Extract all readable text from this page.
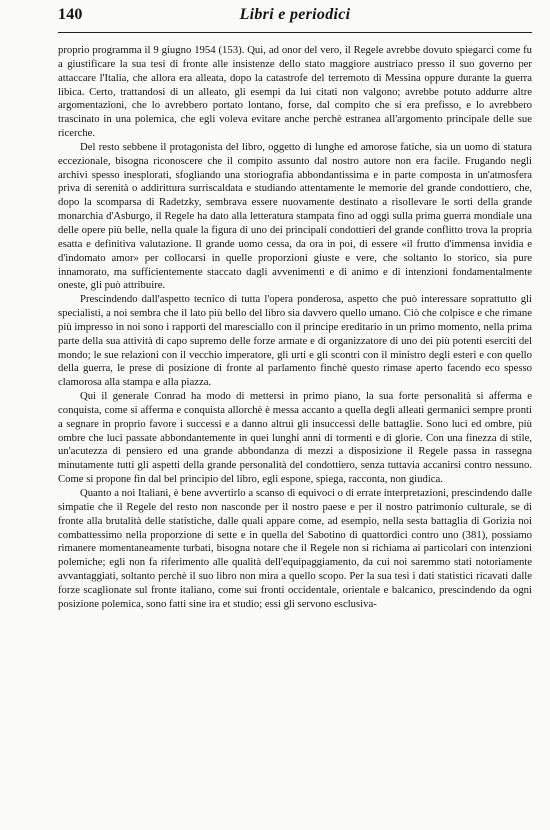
140	Libri e periodici

proprio programma il 9 giugno 1954 (153). Qui, ad onor del vero, il Regele avrebbe dovuto spiegarci come fu a giustificare la sua tesi di fronte alle insistenze dello stato maggiore austriaco presso il suo governo per attaccare l'Italia, che allora era alleata, dopo la catastrofe del terremoto di Messina oppure durante la guerra libica. Certo, trattandosi di un alleato, gli esempi da lui citati non valgono; avrebbe potuto addurre altre argomentazioni, che lo avrebbero portato lontano, forse, dal compito che si era prefisso, e lo avrebbero trascinato in una polemica, che egli voleva evitare anche perchè estranea all'argomento principale delle sue ricerche.

Del resto sebbene il protagonista del libro, oggetto di lunghe ed amorose fatiche, sia un uomo di statura eccezionale, bisogna riconoscere che il compito assunto dal nostro autore non era facile. Frugando negli archivi spesso inesplorati, sfogliando una storiografia abbondantissima e in parte composta in un'atmosfera priva di serenità o addirittura surriscaldata e studiando attentamente le memorie del grande condottiero, che, dopo la scomparsa di Radetzky, sembrava essere nuovamente destinato a risollevare le sorti della grande monarchia d'Asburgo, il Regele ha dato alla letteratura stampata fino ad oggi sulla prima guerra mondiale una delle opere più belle, nella quale la figura di uno dei principali condottieri del grande conflitto trova la propria esatta e definitiva valutazione. Il grande uomo cessa, da ora in poi, di essere «il frutto d'immensa invidia e d'indomato amor» per collocarsi in quelle proporzioni giuste e vere, che soltanto lo storico, sia pure innamorato, ma sufficientemente staccato dagli avvenimenti e di animo e di intenzioni fondamentalmente oneste, gli può attribuire.

Prescindendo dall'aspetto tecnico di tutta l'opera ponderosa, aspetto che può interessare soprattutto gli specialisti, a noi sembra che il lato più bello del libro sia davvero quello umano. Ciò che colpisce e che rimane più impresso in noi sono i rapporti del maresciallo con il principe ereditario in un primo momento, nella prima parte della sua attività di capo supremo delle forze armate e di organizzatore di uno dei più potenti eserciti del mondo; le sue relazioni con il vecchio imperatore, gli urti e gli scontri con il ministro degli esteri e con quello della guerra, le prese di posizione di fronte al parlamento finchè questo rimase aperto facendo eco spesso clamorosa alla stampa e alla piazza.

Qui il generale Conrad ha modo di mettersi in primo piano, la sua forte personalità si afferma e conquista, come si afferma e conquista allorchè è messa accanto a quella degli alleati germanici sempre pronti a segnare in proprio favore i successi e a danno altrui gli insuccessi delle battaglie. Sono luci ed ombre, più ombre che luci passate abbondantemente in quei lunghi anni di tormenti e di glorie. Con una finezza di stile, un'acutezza di pensiero ed una grande abbondanza di mezzi a disposizione il Regele passa in rassegna minutamente tutti gli aspetti della grande personalità del condottiero, senza tuttavia accanirsi contro nessuno. Come si propone fin dal bel principio del libro, egli espone, spiega, racconta, non giudica.

Quanto a noi Italiani, è bene avvertirlo a scanso di equivoci o di errate interpretazioni, prescindendo dalle simpatie che il Regele del resto non nasconde per il nostro paese e per il nostro patrimonio culturale, se di fronte alla brutalità delle statistiche, dalle quali appare come, ad esempio, nella sesta battaglia di Gorizia noi combattessimo nella proporzione di sette e in quella del Sabotino di quattordici contro uno (381), possiamo rimanere momentaneamente turbati, bisogna notare che il Regele non si richiama ai particolari con intenzioni polemiche; egli non fa riferimento alle qualità dell'equipaggiamento, da cui noi saremmo stati notoriamente avvantaggiati, soltanto perchè il suo libro non mira a quello scopo. Per la sua tesi i dati statistici ricavati dalle forze scaglionate sul fronte italiano, come sui fronti occidentale, orientale e balcanico, prescindendo da ogni posizione polemica, sono fatti sine ira et studio; essi gli servono esclusiva-
